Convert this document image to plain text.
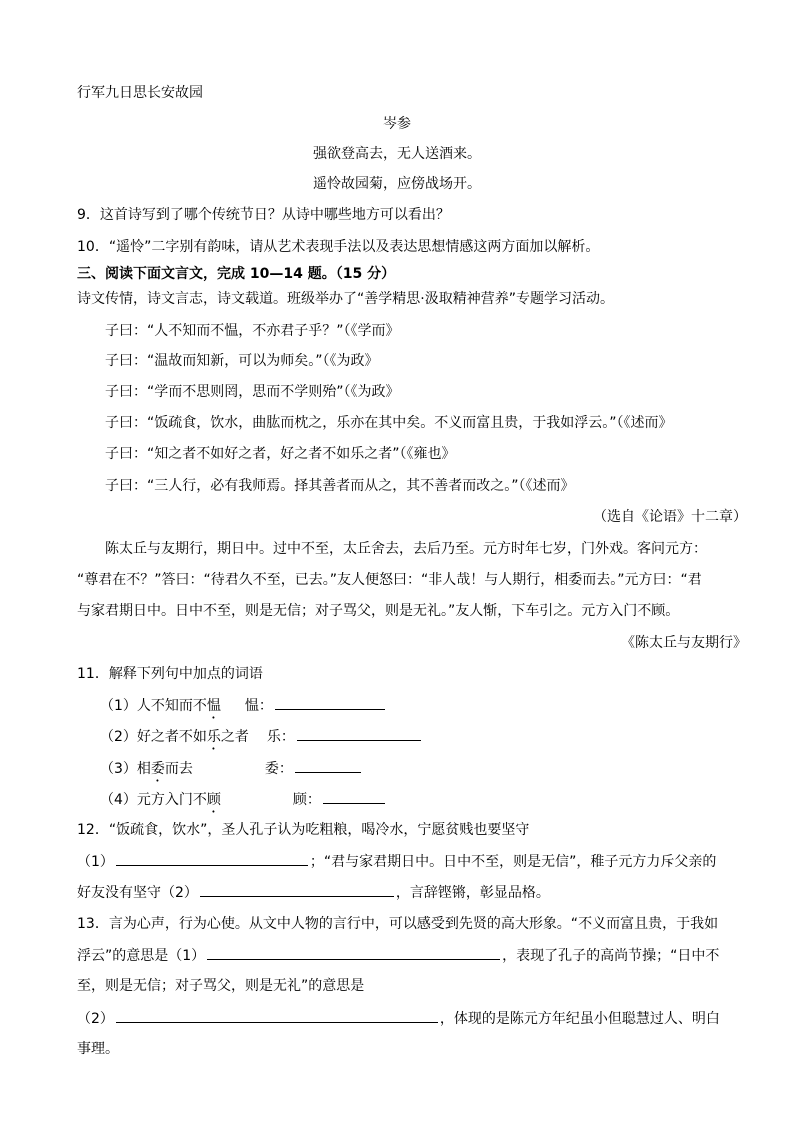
行军九日思长安故园
岑参
强欲登高去，无人送酒来。
遥怜故园菊，应傍战场开。
9．这首诗写到了哪个传统节日？从诗中哪些地方可以看出？
10．“遥怜”二字别有韵味，请从艺术表现手法以及表达思想情感这两方面加以解析。
三、阅读下面文言文，完成 10—14 题。（15 分）
诗文传情，诗文言志，诗文载道。班级举办了“善学精思·汲取精神营养”专题学习活动。
子曰：“人不知而不愠，不亦君子乎？”（《学而》
子曰：“温故而知新，可以为师矣。”（《为政》
子曰：“学而不思则罔，思而不学则殆”（《为政》
子曰：“饭疏食，饮水，曲肱而枕之，乐亦在其中矣。不义而富且贵，于我如浮云。”（《述而》
子曰：“知之者不如好之者，好之者不如乐之者”（《雍也》
子曰：“三人行，必有我师焉。择其善者而从之，其不善者而改之。”（《述而》
（选自《论语》十二章）
陈太丘与友期行，期日中。过中不至，太丘舍去，去后乃至。元方时年七岁，门外戏。客问元方：
“尊君在不？”答曰：“待君久不至，已去。”友人便怒曰：“非人哉！与人期行，相委而去。”元方曰：“君
与家君期日中。日中不至，则是无信；对子骂父，则是无礼。”友人惭，下车引之。元方入门不顾。
《陈太丘与友期行》
11．解释下列句中加点的词语
（1）人不知而不愠 愠：
（2）好之者不如乐之者 乐：
（3）相委而去	委：
（4）元方入门不顾	顾：
12．“饭疏食，饮水”，圣人孔子认为吃粗粮，喝冷水，宁愿贫贱也要坚守
（1）	；“君与家君期日中。日中不至，则是无信”，稚子元方力斥父亲的
好友没有坚守（2）	，言辞铿锵，彰显品格。
13．言为心声，行为心使。从文中人物的言行中，可以感受到先贤的高大形象。“不义而富且贵，于我如
浮云”的意思是（1）	，表现了孔子的高尚节操；“日中不
至，则是无信；对子骂父，则是无礼”的意思是
（2）	，体现的是陈元方年纪虽小但聪慧过人、明白
事理。
